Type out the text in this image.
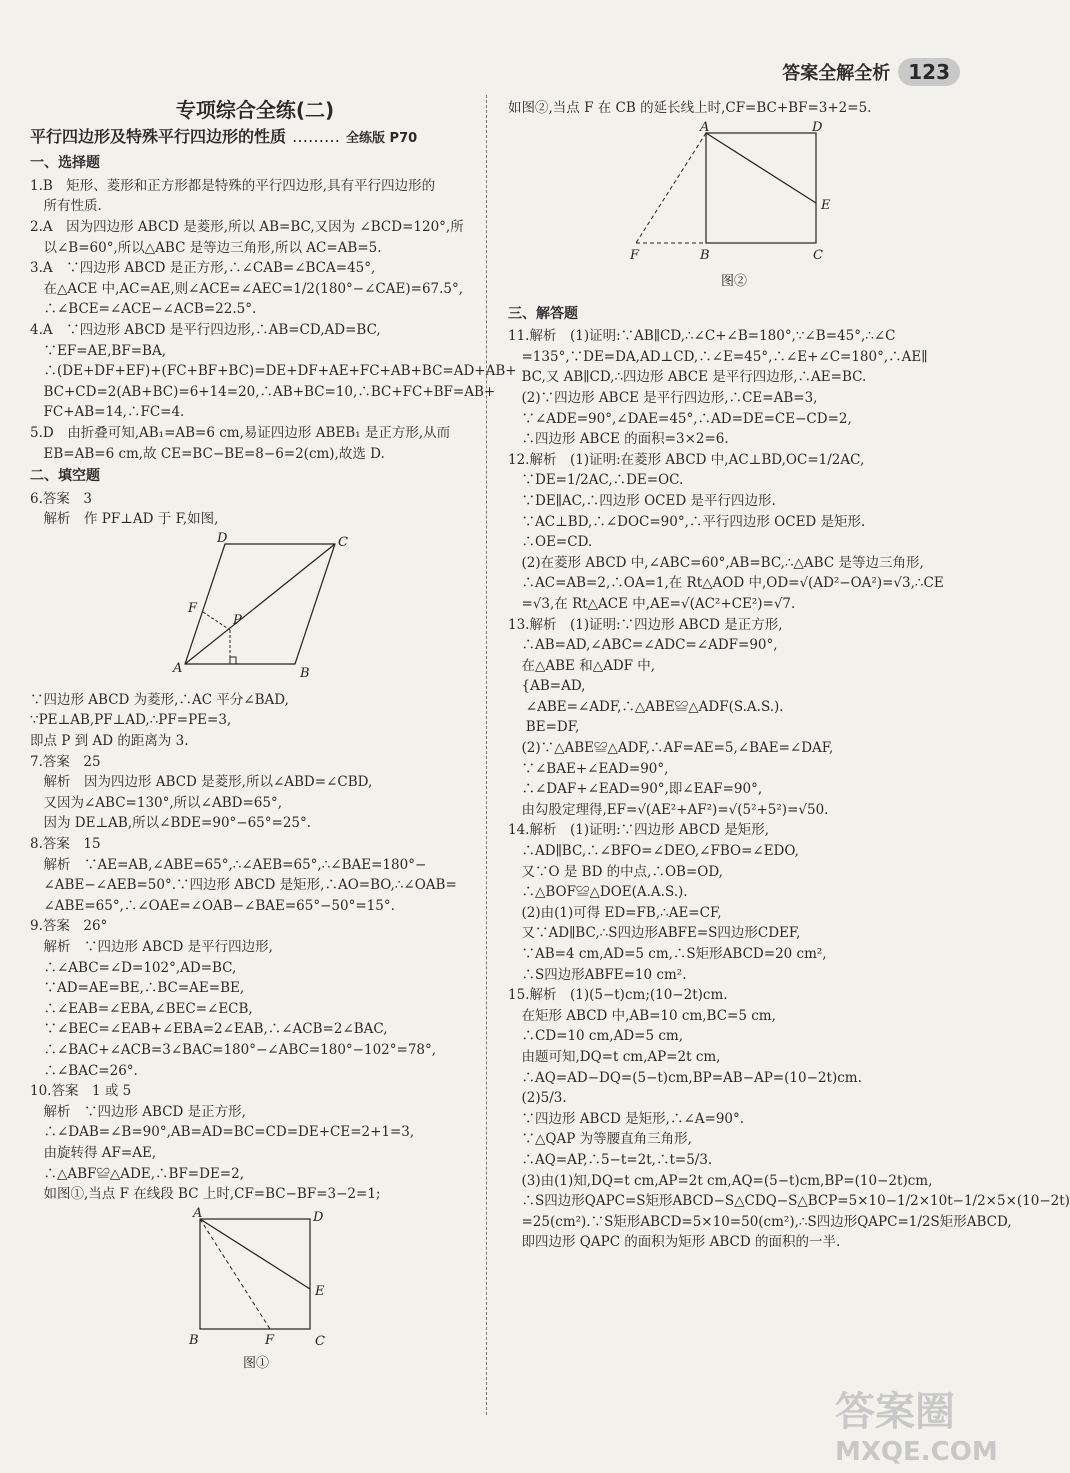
答案全解全析 123
专项综合全练(二)
平行四边形及特殊平行四边形的性质 ……… 全练版 P70
一、选择题
1.B　矩形、菱形和正方形都是特殊的平行四边形,具有平行四边形的
　所有性质.
2.A　因为四边形 ABCD 是菱形,所以 AB=BC,又因为 ∠BCD=120°,所
　以∠B=60°,所以△ABC 是等边三角形,所以 AC=AB=5.
3.A　∵四边形 ABCD 是正方形,∴∠CAB=∠BCA=45°,
　在△ACE 中,AC=AE,则∠ACE=∠AEC=1/2(180°−∠CAE)=67.5°,
　∴∠BCE=∠ACE−∠ACB=22.5°.
4.A　∵四边形 ABCD 是平行四边形,∴AB=CD,AD=BC,
　∵EF=AE,BF=BA,
　∴(DE+DF+EF)+(FC+BF+BC)=DE+DF+AE+FC+AB+BC=AD+AB+
　BC+CD=2(AB+BC)=6+14=20,∴AB+BC=10,∴BC+FC+BF=AB+
　FC+AB=14,∴FC=4.
5.D　由折叠可知,AB₁=AB=6 cm,易证四边形 ABEB₁ 是正方形,从而
　EB=AB=6 cm,故 CE=BC−BE=8−6=2(cm),故选 D.
二、填空题
6.答案　3
　解析　作 PF⊥AD 于 F,如图,
A	B
C
D
F
P
∵四边形 ABCD 为菱形,∴AC 平分∠BAD,
∵PE⊥AB,PF⊥AD,∴PF=PE=3,
即点 P 到 AD 的距离为 3.
7.答案　25
　解析　因为四边形 ABCD 是菱形,所以∠ABD=∠CBD,
　又因为∠ABC=130°,所以∠ABD=65°,
　因为 DE⊥AB,所以∠BDE=90°−65°=25°.
8.答案　15
　解析　∵AE=AB,∠ABE=65°,∴∠AEB=65°,∴∠BAE=180°−
　∠ABE−∠AEB=50°.∵四边形 ABCD 是矩形,∴AO=BO,∴∠OAB=
　∠ABE=65°,∴∠OAE=∠OAB−∠BAE=65°−50°=15°.
9.答案　26°
　解析　∵四边形 ABCD 是平行四边形,
　∴∠ABC=∠D=102°,AD=BC,
　∵AD=AE=BE,∴BC=AE=BE,
　∴∠EAB=∠EBA,∠BEC=∠ECB,
　∵∠BEC=∠EAB+∠EBA=2∠EAB,∴∠ACB=2∠BAC,
　∴∠BAC+∠ACB=3∠BAC=180°−∠ABC=180°−102°=78°,
　∴∠BAC=26°.
10.答案　1 或 5
　解析　∵四边形 ABCD 是正方形,
　∴∠DAB=∠B=90°,AB=AD=BC=CD=DE+CE=2+1=3,
　由旋转得 AF=AE,
　∴△ABF≌△ADE,∴BF=DE=2,
　如图①,当点 F 在线段 BC 上时,CF=BC−BF=3−2=1;
A	D
B	C
E
F
图①
如图②,当点 F 在 CB 的延长线上时,CF=BC+BF=3+2=5.
A	D
F	B	C
E
图②
三、解答题
11.解析　(1)证明:∵AB∥CD,∴∠C+∠B=180°,∵∠B=45°,∴∠C
　=135°,∵DE=DA,AD⊥CD,∴∠E=45°,∴∠E+∠C=180°,∴AE∥
　BC,又 AB∥CD,∴四边形 ABCE 是平行四边形,∴AE=BC.
　(2)∵四边形 ABCE 是平行四边形,∴CE=AB=3,
　∵∠ADE=90°,∠DAE=45°,∴AD=DE=CE−CD=2,
　∴四边形 ABCE 的面积=3×2=6.
12.解析　(1)证明:在菱形 ABCD 中,AC⊥BD,OC=1/2AC,
　∵DE=1/2AC,∴DE=OC.
　∵DE∥AC,∴四边形 OCED 是平行四边形.
　∵AC⊥BD,∴∠DOC=90°,∴平行四边形 OCED 是矩形.
　∴OE=CD.
　(2)在菱形 ABCD 中,∠ABC=60°,AB=BC,∴△ABC 是等边三角形,
　∴AC=AB=2,∴OA=1,在 Rt△AOD 中,OD=√(AD²−OA²)=√3,∴CE
　=√3,在 Rt△ACE 中,AE=√(AC²+CE²)=√7.
13.解析　(1)证明:∵四边形 ABCD 是正方形,
　∴AB=AD,∠ABC=∠ADC=∠ADF=90°,
　在△ABE 和△ADF 中,
　{AB=AD,
　 ∠ABE=∠ADF,∴△ABE≌△ADF(S.A.S.).
　 BE=DF,
　(2)∵△ABE≌△ADF,∴AF=AE=5,∠BAE=∠DAF,
　∵∠BAE+∠EAD=90°,
　∴∠DAF+∠EAD=90°,即∠EAF=90°,
　由勾股定理得,EF=√(AE²+AF²)=√(5²+5²)=√50.
14.解析　(1)证明:∵四边形 ABCD 是矩形,
　∴AD∥BC,∴∠BFO=∠DEO,∠FBO=∠EDO,
　又∵O 是 BD 的中点,∴OB=OD,
　∴△BOF≌△DOE(A.A.S.).
　(2)由(1)可得 ED=FB,∴AE=CF,
　又∵AD∥BC,∴S四边形ABFE=S四边形CDEF,
　∵AB=4 cm,AD=5 cm,∴S矩形ABCD=20 cm²,
　∴S四边形ABFE=10 cm².
15.解析　(1)(5−t)cm;(10−2t)cm.
　在矩形 ABCD 中,AB=10 cm,BC=5 cm,
　∴CD=10 cm,AD=5 cm,
　由题可知,DQ=t cm,AP=2t cm,
　∴AQ=AD−DQ=(5−t)cm,BP=AB−AP=(10−2t)cm.
　(2)5/3.
　∵四边形 ABCD 是矩形,∴∠A=90°.
　∵△QAP 为等腰直角三角形,
　∴AQ=AP,∴5−t=2t,∴t=5/3.
　(3)由(1)知,DQ=t cm,AP=2t cm,AQ=(5−t)cm,BP=(10−2t)cm,
　∴S四边形QAPC=S矩形ABCD−S△CDQ−S△BCP=5×10−1/2×10t−1/2×5×(10−2t)
　=25(cm²).∵S矩形ABCD=5×10=50(cm²),∴S四边形QAPC=1/2S矩形ABCD,
　即四边形 QAPC 的面积为矩形 ABCD 的面积的一半.
答案圈
MXQE.COM
